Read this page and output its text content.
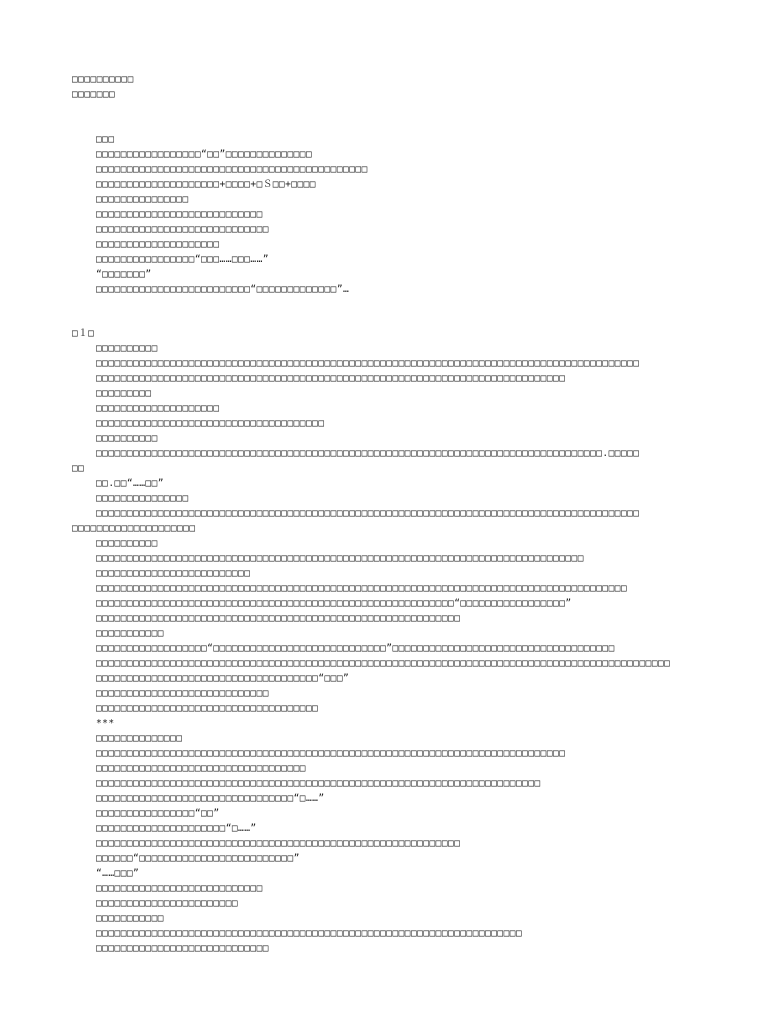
□□□□□□□□□□
□□□□□□□
□□□
□□□□□□□□□□□□□□□□□“□□”□□□□□□□□□□□□□□
□□□□□□□□□□□□□□□□□□□□□□□□□□□□□□□□□□□□□□□□□□□□
□□□□□□□□□□□□□□□□□□□□+□□□□+□Ｓ□□+□□□□
□□□□□□□□□□□□□□□
□□□□□□□□□□□□□□□□□□□□□□□□□□□
□□□□□□□□□□□□□□□□□□□□□□□□□□□□
□□□□□□□□□□□□□□□□□□□□
□□□□□□□□□□□□□□□□“□□□……□□□……”
“□□□□□□□”
□□□□□□□□□□□□□□□□□□□□□□□□□“□□□□□□□□□□□□□”…
□１□
□□□□□□□□□□
□□□□□□□□□□□□□□□□□□□□□□□□□□□□□□□□□□□□□□□□□□□□□□□□□□□□□□□□□□□□□□□□□□□□□□□□□□□□□□□□□□□□□□□□
□□□□□□□□□□□□□□□□□□□□□□□□□□□□□□□□□□□□□□□□□□□□□□□□□□□□□□□□□□□□□□□□□□□□□□□□□□□□
□□□□□□□□□
□□□□□□□□□□□□□□□□□□□□
□□□□□□□□□□□□□□□□□□□□□□□□□□□□□□□□□□□□□
□□□□□□□□□□
□□□□□□□□□□□□□□□□□□□□□□□□□□□□□□□□□□□□□□□□□□□□□□□□□□□□□□□□□□□□□□□□□□□□□□□□□□□□□□□□□□.□□□□□
□□
□□.□□“……□□”
□□□□□□□□□□□□□□□
□□□□□□□□□□□□□□□□□□□□□□□□□□□□□□□□□□□□□□□□□□□□□□□□□□□□□□□□□□□□□□□□□□□□□□□□□□□□□□□□□□□□□□□□
□□□□□□□□□□□□□□□□□□□□
□□□□□□□□□□
□□□□□□□□□□□□□□□□□□□□□□□□□□□□□□□□□□□□□□□□□□□□□□□□□□□□□□□□□□□□□□□□□□□□□□□□□□□□□□□
□□□□□□□□□□□□□□□□□□□□□□□□□
□□□□□□□□□□□□□□□□□□□□□□□□□□□□□□□□□□□□□□□□□□□□□□□□□□□□□□□□□□□□□□□□□□□□□□□□□□□□□□□□□□□□□□
□□□□□□□□□□□□□□□□□□□□□□□□□□□□□□□□□□□□□□□□□□□□□□□□□□□□□□□□□□“□□□□□□□□□□□□□□□□□”
□□□□□□□□□□□□□□□□□□□□□□□□□□□□□□□□□□□□□□□□□□□□□□□□□□□□□□□□□□□
□□□□□□□□□□□
□□□□□□□□□□□□□□□□□□“□□□□□□□□□□□□□□□□□□□□□□□□□□□□”□□□□□□□□□□□□□□□□□□□□□□□□□□□□□□□□□□□□
□□□□□□□□□□□□□□□□□□□□□□□□□□□□□□□□□□□□□□□□□□□□□□□□□□□□□□□□□□□□□□□□□□□□□□□□□□□□□□□□□□□□□□□□□□□□□
□□□□□□□□□□□□□□□□□□□□□□□□□□□□□□□□□□□□“□□□”
□□□□□□□□□□□□□□□□□□□□□□□□□□□□
□□□□□□□□□□□□□□□□□□□□□□□□□□□□□□□□□□□□
***
□□□□□□□□□□□□□□
□□□□□□□□□□□□□□□□□□□□□□□□□□□□□□□□□□□□□□□□□□□□□□□□□□□□□□□□□□□□□□□□□□□□□□□□□□□□
□□□□□□□□□□□□□□□□□□□□□□□□□□□□□□□□□□
□□□□□□□□□□□□□□□□□□□□□□□□□□□□□□□□□□□□□□□□□□□□□□□□□□□□□□□□□□□□□□□□□□□□□□□□
□□□□□□□□□□□□□□□□□□□□□□□□□□□□□□□□“□……”
□□□□□□□□□□□□□□□□“□□”
□□□□□□□□□□□□□□□□□□□□□“□……”
□□□□□□□□□□□□□□□□□□□□□□□□□□□□□□□□□□□□□□□□□□□□□□□□□□□□□□□□□□□
□□□□□□“□□□□□□□□□□□□□□□□□□□□□□□□□”
“……□□□”
□□□□□□□□□□□□□□□□□□□□□□□□□□□
□□□□□□□□□□□□□□□□□□□□□□□
□□□□□□□□□□□
□□□□□□□□□□□□□□□□□□□□□□□□□□□□□□□□□□□□□□□□□□□□□□□□□□□□□□□□□□□□□□□□□□□□□
□□□□□□□□□□□□□□□□□□□□□□□□□□□□
